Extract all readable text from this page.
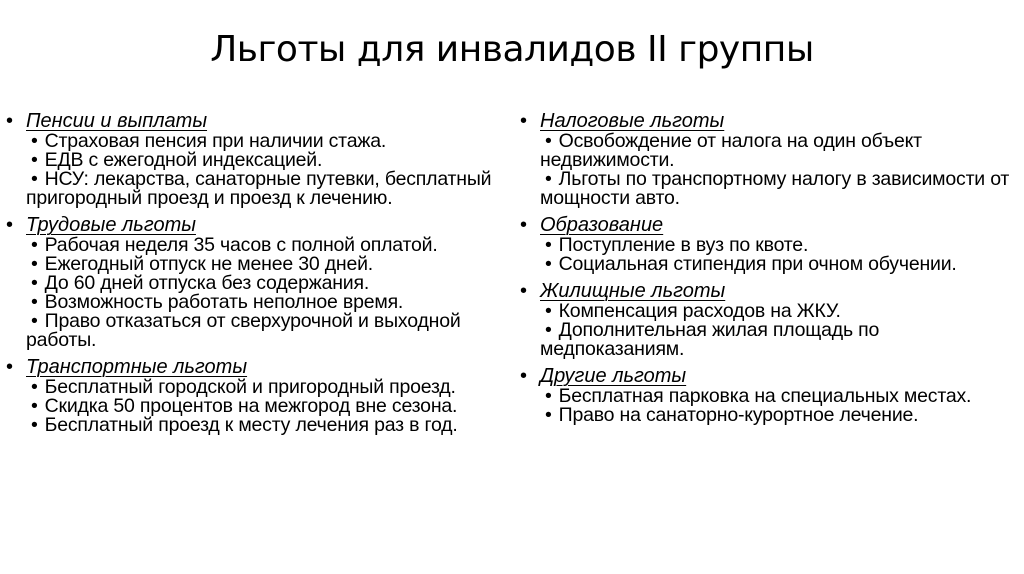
Льготы для инвалидов II группы
• Пенсии и выплаты
• Страховая пенсия при наличии стажа.
• ЕДВ с ежегодной индексацией.
• НСУ: лекарства, санаторные путевки, бесплатный пригородный проезд и проезд к лечению.
• Трудовые льготы
• Рабочая неделя 35 часов с полной оплатой.
• Ежегодный отпуск не менее 30 дней.
• До 60 дней отпуска без содержания.
• Возможность работать неполное время.
• Право отказаться от сверхурочной и выходной работы.
• Транспортные льготы
• Бесплатный городской и пригородный проезд.
• Скидка 50 процентов на межгород вне сезона.
• Бесплатный проезд к месту лечения раз в год.
• Налоговые льготы
• Освобождение от налога на один объект недвижимости.
• Льготы по транспортному налогу в зависимости от мощности авто.
• Образование
• Поступление в вуз по квоте.
• Социальная стипендия при очном обучении.
• Жилищные льготы
• Компенсация расходов на ЖКУ.
• Дополнительная жилая площадь по медпоказаниям.
• Другие льготы
• Бесплатная парковка на специальных местах.
• Право на санаторно-курортное лечение.
